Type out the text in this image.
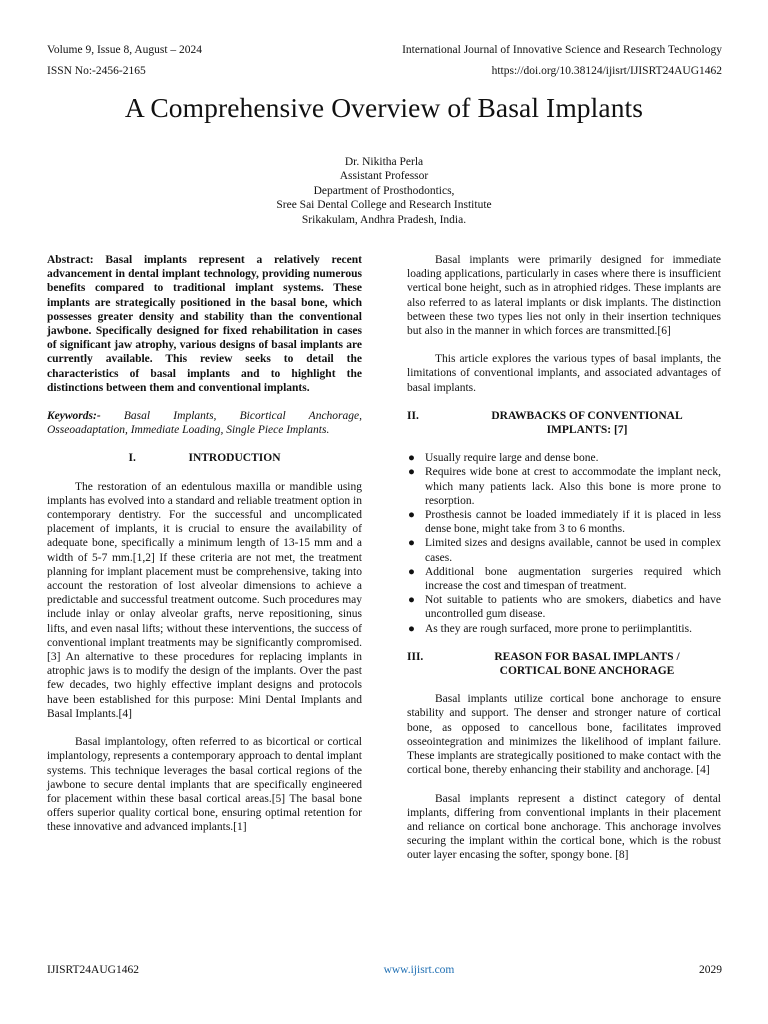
Volume 9, Issue 8, August – 2024	International Journal of Innovative Science and Research Technology
ISSN No:-2456-2165	https://doi.org/10.38124/ijisrt/IJISRT24AUG1462
A Comprehensive Overview of Basal Implants
Dr. Nikitha Perla
Assistant Professor
Department of Prosthodontics,
Sree Sai Dental College and Research Institute
Srikakulam, Andhra Pradesh, India.

Abstract: Basal implants represent a relatively recent advancement in dental implant technology, providing numerous benefits compared to traditional implant systems. These implants are strategically positioned in the basal bone, which possesses greater density and stability than the conventional jawbone. Specifically designed for fixed rehabilitation in cases of significant jaw atrophy, various designs of basal implants are currently available. This review seeks to detail the characteristics of basal implants and to highlight the distinctions between them and conventional implants.

Keywords:- Basal Implants, Bicortical Anchorage, Osseoadaptation, Immediate Loading, Single Piece Implants.

I.	INTRODUCTION

The restoration of an edentulous maxilla or mandible using implants has evolved into a standard and reliable treatment option in contemporary dentistry. For the successful and uncomplicated placement of implants, it is crucial to ensure the availability of adequate bone, specifically a minimum length of 13-15 mm and a width of 5-7 mm.[1,2] If these criteria are not met, the treatment planning for implant placement must be comprehensive, taking into account the restoration of lost alveolar dimensions to achieve a predictable and successful treatment outcome. Such procedures may include inlay or onlay alveolar grafts, nerve repositioning, sinus lifts, and even nasal lifts; without these interventions, the success of conventional implant treatments may be significantly compromised.[3] An alternative to these procedures for replacing implants in atrophic jaws is to modify the design of the implants. Over the past few decades, two highly effective implant designs and protocols have been established for this purpose: Mini Dental Implants and Basal Implants.[4]

Basal implantology, often referred to as bicortical or cortical implantology, represents a contemporary approach to dental implant systems. This technique leverages the basal cortical regions of the jawbone to secure dental implants that are specifically engineered for placement within these basal cortical areas.[5] The basal bone offers superior quality cortical bone, ensuring optimal retention for these innovative and advanced implants.[1]

Basal implants were primarily designed for immediate loading applications, particularly in cases where there is insufficient vertical bone height, such as in atrophied ridges. These implants are also referred to as lateral implants or disk implants. The distinction between these two types lies not only in their insertion techniques but also in the manner in which forces are transmitted.[6]

This article explores the various types of basal implants, the limitations of conventional implants, and associated advantages of basal implants.

II.	DRAWBACKS OF CONVENTIONAL
IMPLANTS: [7]
● Usually require large and dense bone.
● Requires wide bone at crest to accommodate the implant neck, which many patients lack. Also this bone is more prone to resorption.
● Prosthesis cannot be loaded immediately if it is placed in less dense bone, might take from 3 to 6 months.
● Limited sizes and designs available, cannot be used in complex cases.
● Additional bone augmentation surgeries required which increase the cost and timespan of treatment.
● Not suitable to patients who are smokers, diabetics and have uncontrolled gum disease.
● As they are rough surfaced, more prone to periimplantitis.
III.	REASON FOR BASAL IMPLANTS /
CORTICAL BONE ANCHORAGE

Basal implants utilize cortical bone anchorage to ensure stability and support. The denser and stronger nature of cortical bone, as opposed to cancellous bone, facilitates improved osseointegration and minimizes the likelihood of implant failure. These implants are strategically positioned to make contact with the cortical bone, thereby enhancing their stability and anchorage. [4]

Basal implants represent a distinct category of dental implants, differing from conventional implants in their placement and reliance on cortical bone anchorage. This anchorage involves securing the implant within the cortical bone, which is the robust outer layer encasing the softer, spongy bone. [8]

IJISRT24AUG1462	www.ijisrt.com	2029
